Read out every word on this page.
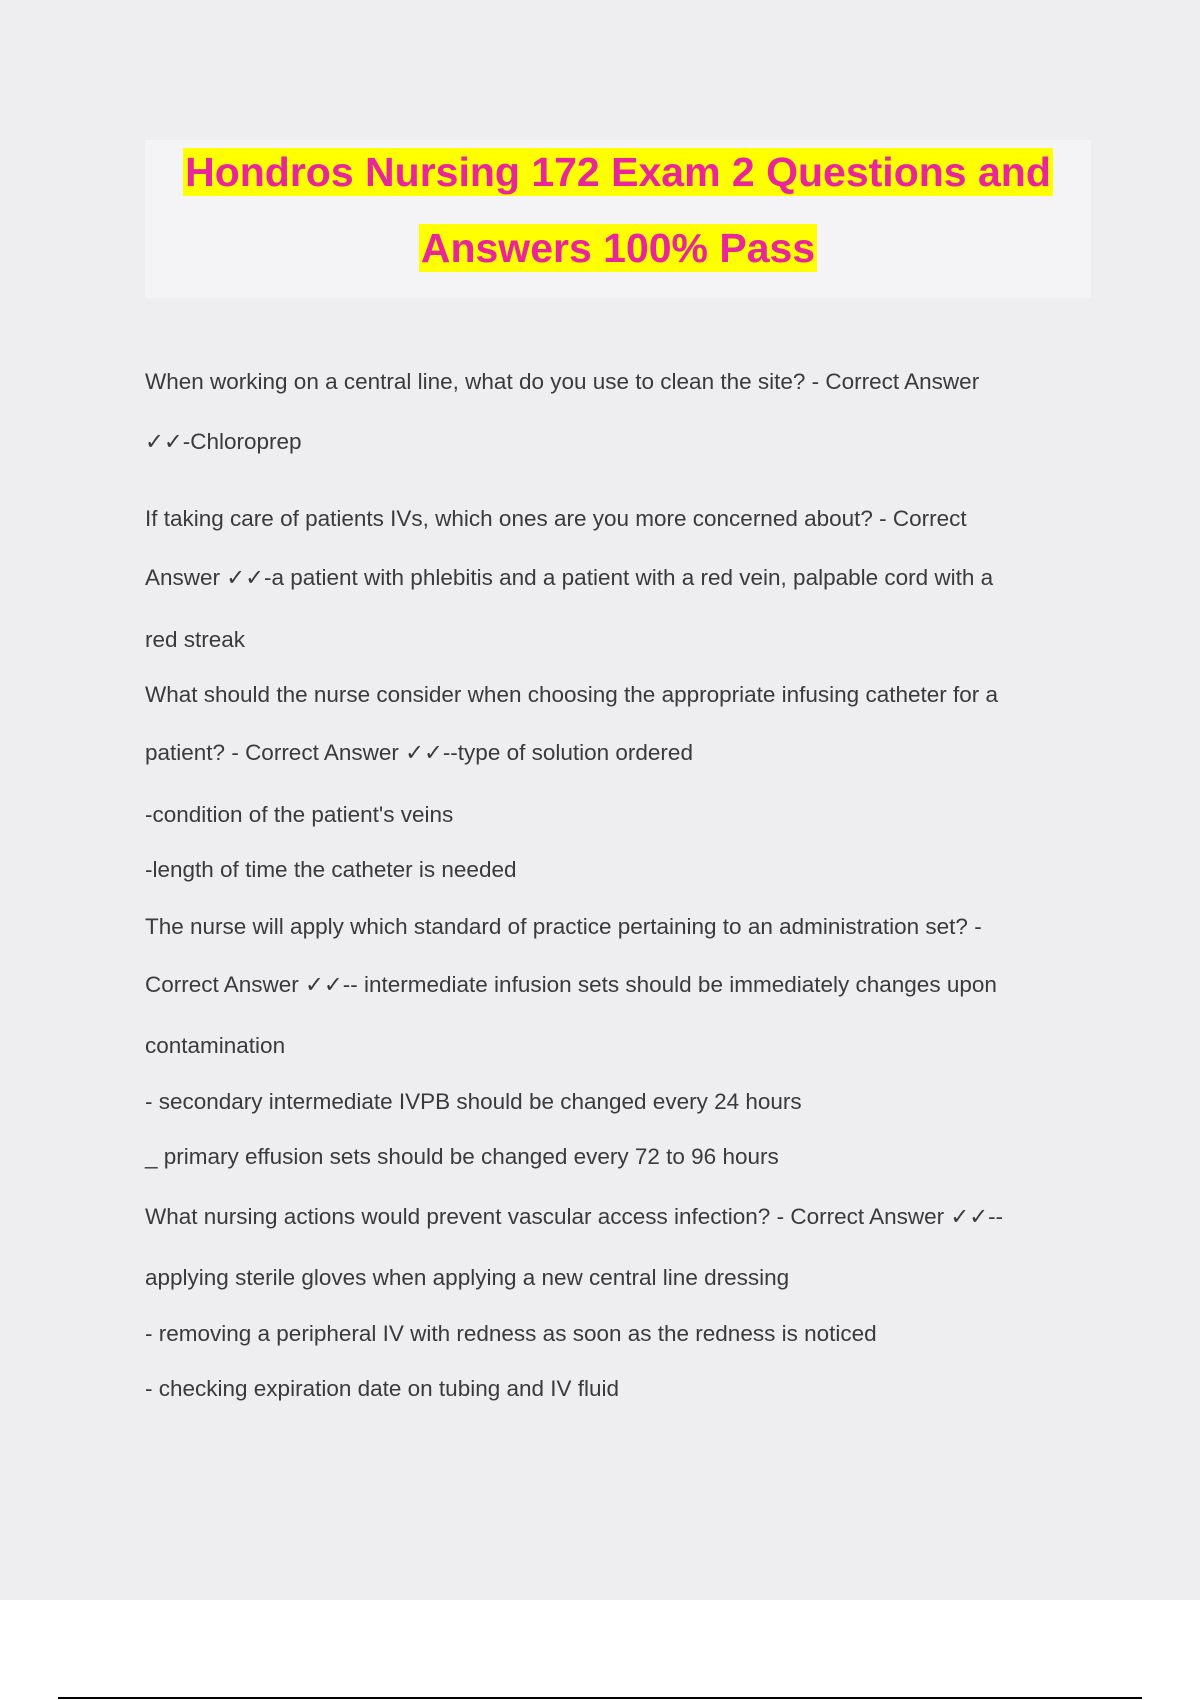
Hondros Nursing 172 Exam 2 Questions and
Answers 100% Pass
When working on a central line, what do you use to clean the site? - Correct Answer
✓✓-Chloroprep
If taking care of patients IVs, which ones are you more concerned about? - Correct
Answer ✓✓-a patient with phlebitis and a patient with a red vein, palpable cord with a
red streak
What should the nurse consider when choosing the appropriate infusing catheter for a
patient? - Correct Answer ✓✓--type of solution ordered
-condition of the patient's veins
-length of time the catheter is needed
The nurse will apply which standard of practice pertaining to an administration set? -
Correct Answer ✓✓-- intermediate infusion sets should be immediately changes upon
contamination
- secondary intermediate IVPB should be changed every 24 hours
_ primary effusion sets should be changed every 72 to 96 hours
What nursing actions would prevent vascular access infection? - Correct Answer ✓✓--
applying sterile gloves when applying a new central line dressing
- removing a peripheral IV with redness as soon as the redness is noticed
- checking expiration date on tubing and IV fluid
